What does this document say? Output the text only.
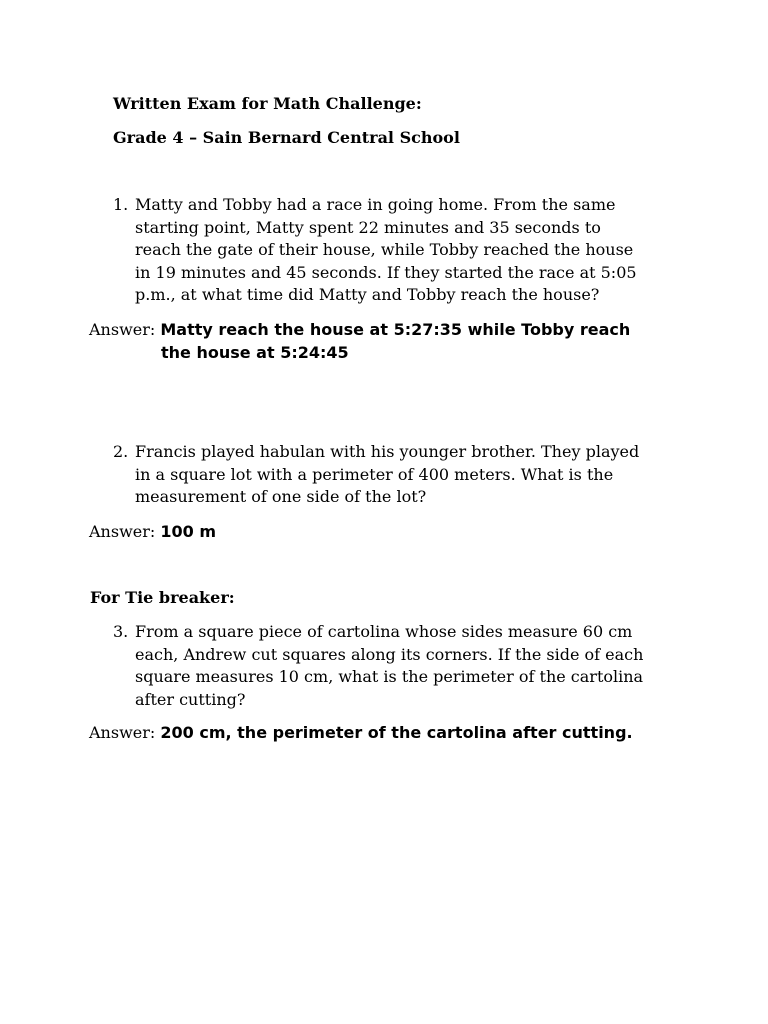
Written Exam for Math Challenge:
Grade 4 – Sain Bernard Central School
1. Matty and Tobby had a race in going home. From the same
starting point, Matty spent 22 minutes and 35 seconds to
reach the gate of their house, while Tobby reached the house
in 19 minutes and 45 seconds. If they started the race at 5:05
p.m., at what time did Matty and Tobby reach the house?
Answer: Matty reach the house at 5:27:35 while Tobby reach
the house at 5:24:45
2. Francis played habulan with his younger brother. They played
in a square lot with a perimeter of 400 meters. What is the
measurement of one side of the lot?
Answer: 100 m
For Tie breaker:
3. From a square piece of cartolina whose sides measure 60 cm
each, Andrew cut squares along its corners. If the side of each
square measures 10 cm, what is the perimeter of the cartolina
after cutting?
Answer: 200 cm, the perimeter of the cartolina after cutting.
